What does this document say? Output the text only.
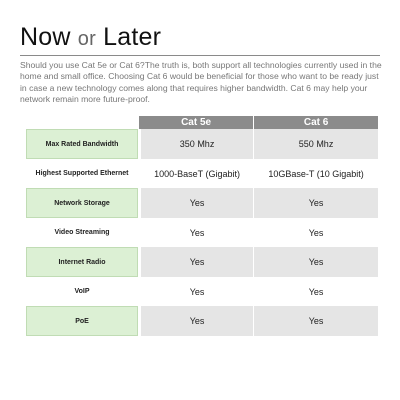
Now or Later

Should you use Cat 5e or Cat 6?The truth is, both support all technologies currently used in the home and small office. Choosing Cat 6 would be beneficial for those who want to be ready just in case a new technology comes along that requires higher bandwidth. Cat 6 may help your network remain more future-proof.

	Cat 5e	Cat 6
Max Rated Bandwidth	350 Mhz	550 Mhz
Highest Supported Ethernet	1000-BaseT (Gigabit)	10GBase-T (10 Gigabit)
Network Storage	Yes	Yes
Video Streaming	Yes	Yes
Internet Radio	Yes	Yes
VoIP	Yes	Yes
PoE	Yes	Yes
